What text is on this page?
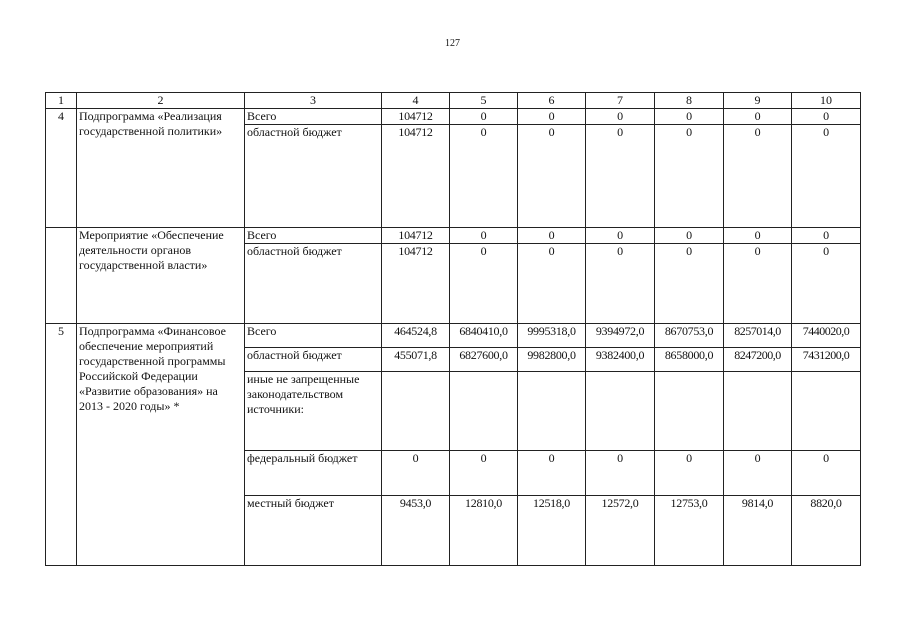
127
1	2	3	4	5	6	7	8	9	10
4	Подпрограмма «Реализация государственной политики»	Всего	104712	0	0	0	0	0	0
		областной бюджет	104712	0	0	0	0	0	0
	Мероприятие «Обеспечение деятельности органов государственной власти»	Всего	104712	0	0	0	0	0	0
		областной бюджет	104712	0	0	0	0	0	0
5	Подпрограмма «Финансовое обеспечение мероприятий государственной программы Российской Федерации «Развитие образования» на 2013 - 2020 годы» *	Всего	464524,8	6840410,0	9995318,0	9394972,0	8670753,0	8257014,0	7440020,0
		областной бюджет	455071,8	6827600,0	9982800,0	9382400,0	8658000,0	8247200,0	7431200,0
		иные не запрещенные законодательством источники:							
		федеральный бюджет	0	0	0	0	0	0	0
		местный бюджет	9453,0	12810,0	12518,0	12572,0	12753,0	9814,0	8820,0
